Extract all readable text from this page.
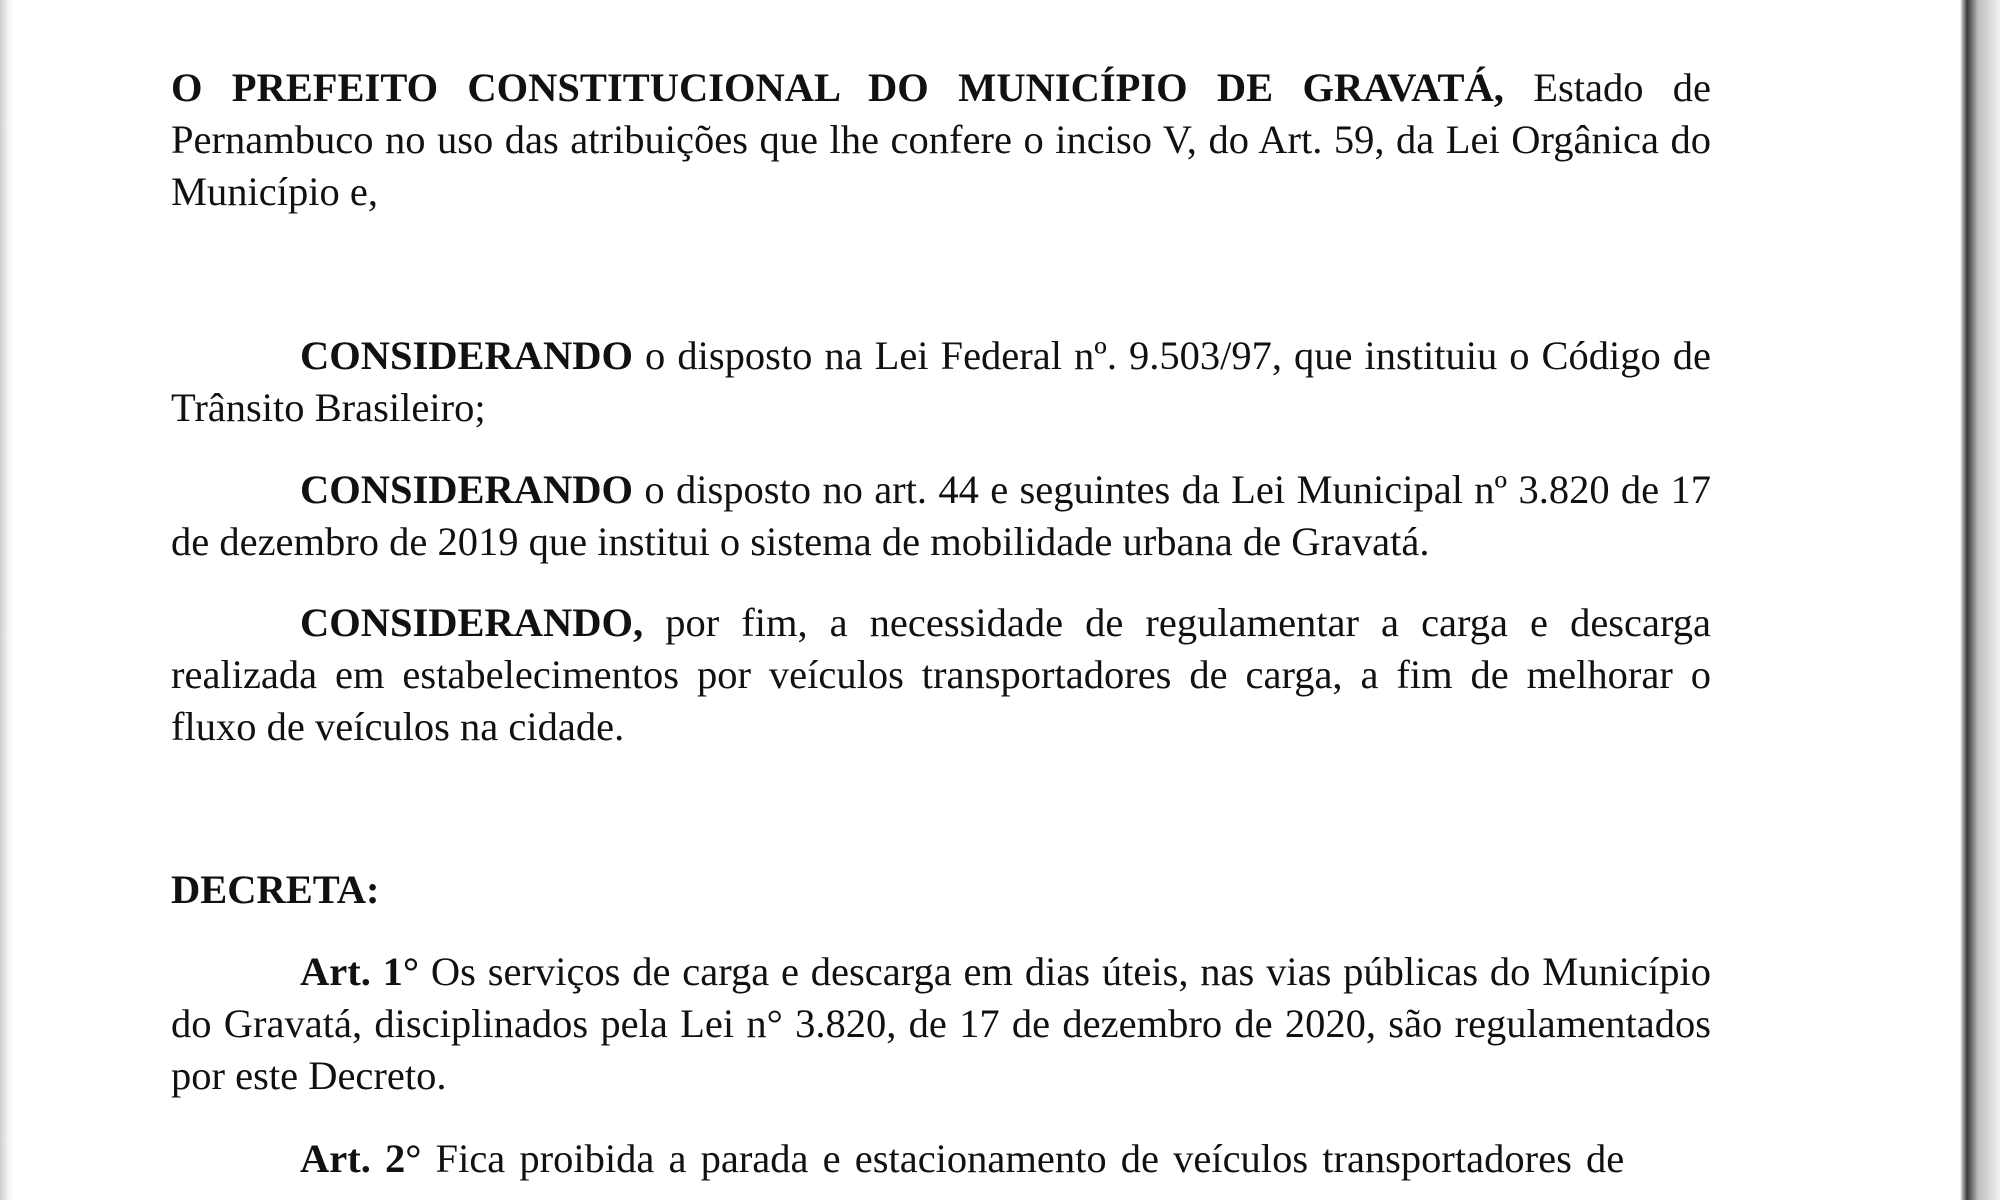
O PREFEITO CONSTITUCIONAL DO MUNICÍPIO DE GRAVATÁ, Estado de Pernambuco no uso das atribuições que lhe confere o inciso V, do Art. 59, da Lei Orgânica do Município e,

CONSIDERANDO o disposto na Lei Federal nº. 9.503/97, que instituiu o Código de Trânsito Brasileiro;

CONSIDERANDO o disposto no art. 44 e seguintes da Lei Municipal nº 3.820 de 17 de dezembro de 2019 que institui o sistema de mobilidade urbana de Gravatá.

CONSIDERANDO, por fim, a necessidade de regulamentar a carga e descarga realizada em estabelecimentos por veículos transportadores de carga, a fim de melhorar o fluxo de veículos na cidade.

DECRETA:

Art. 1° Os serviços de carga e descarga em dias úteis, nas vias públicas do Município do Gravatá, disciplinados pela Lei n° 3.820, de 17 de dezembro de 2020, são regulamentados por este Decreto.

Art. 2° Fica proibida a parada e estacionamento de veículos transportadores de
